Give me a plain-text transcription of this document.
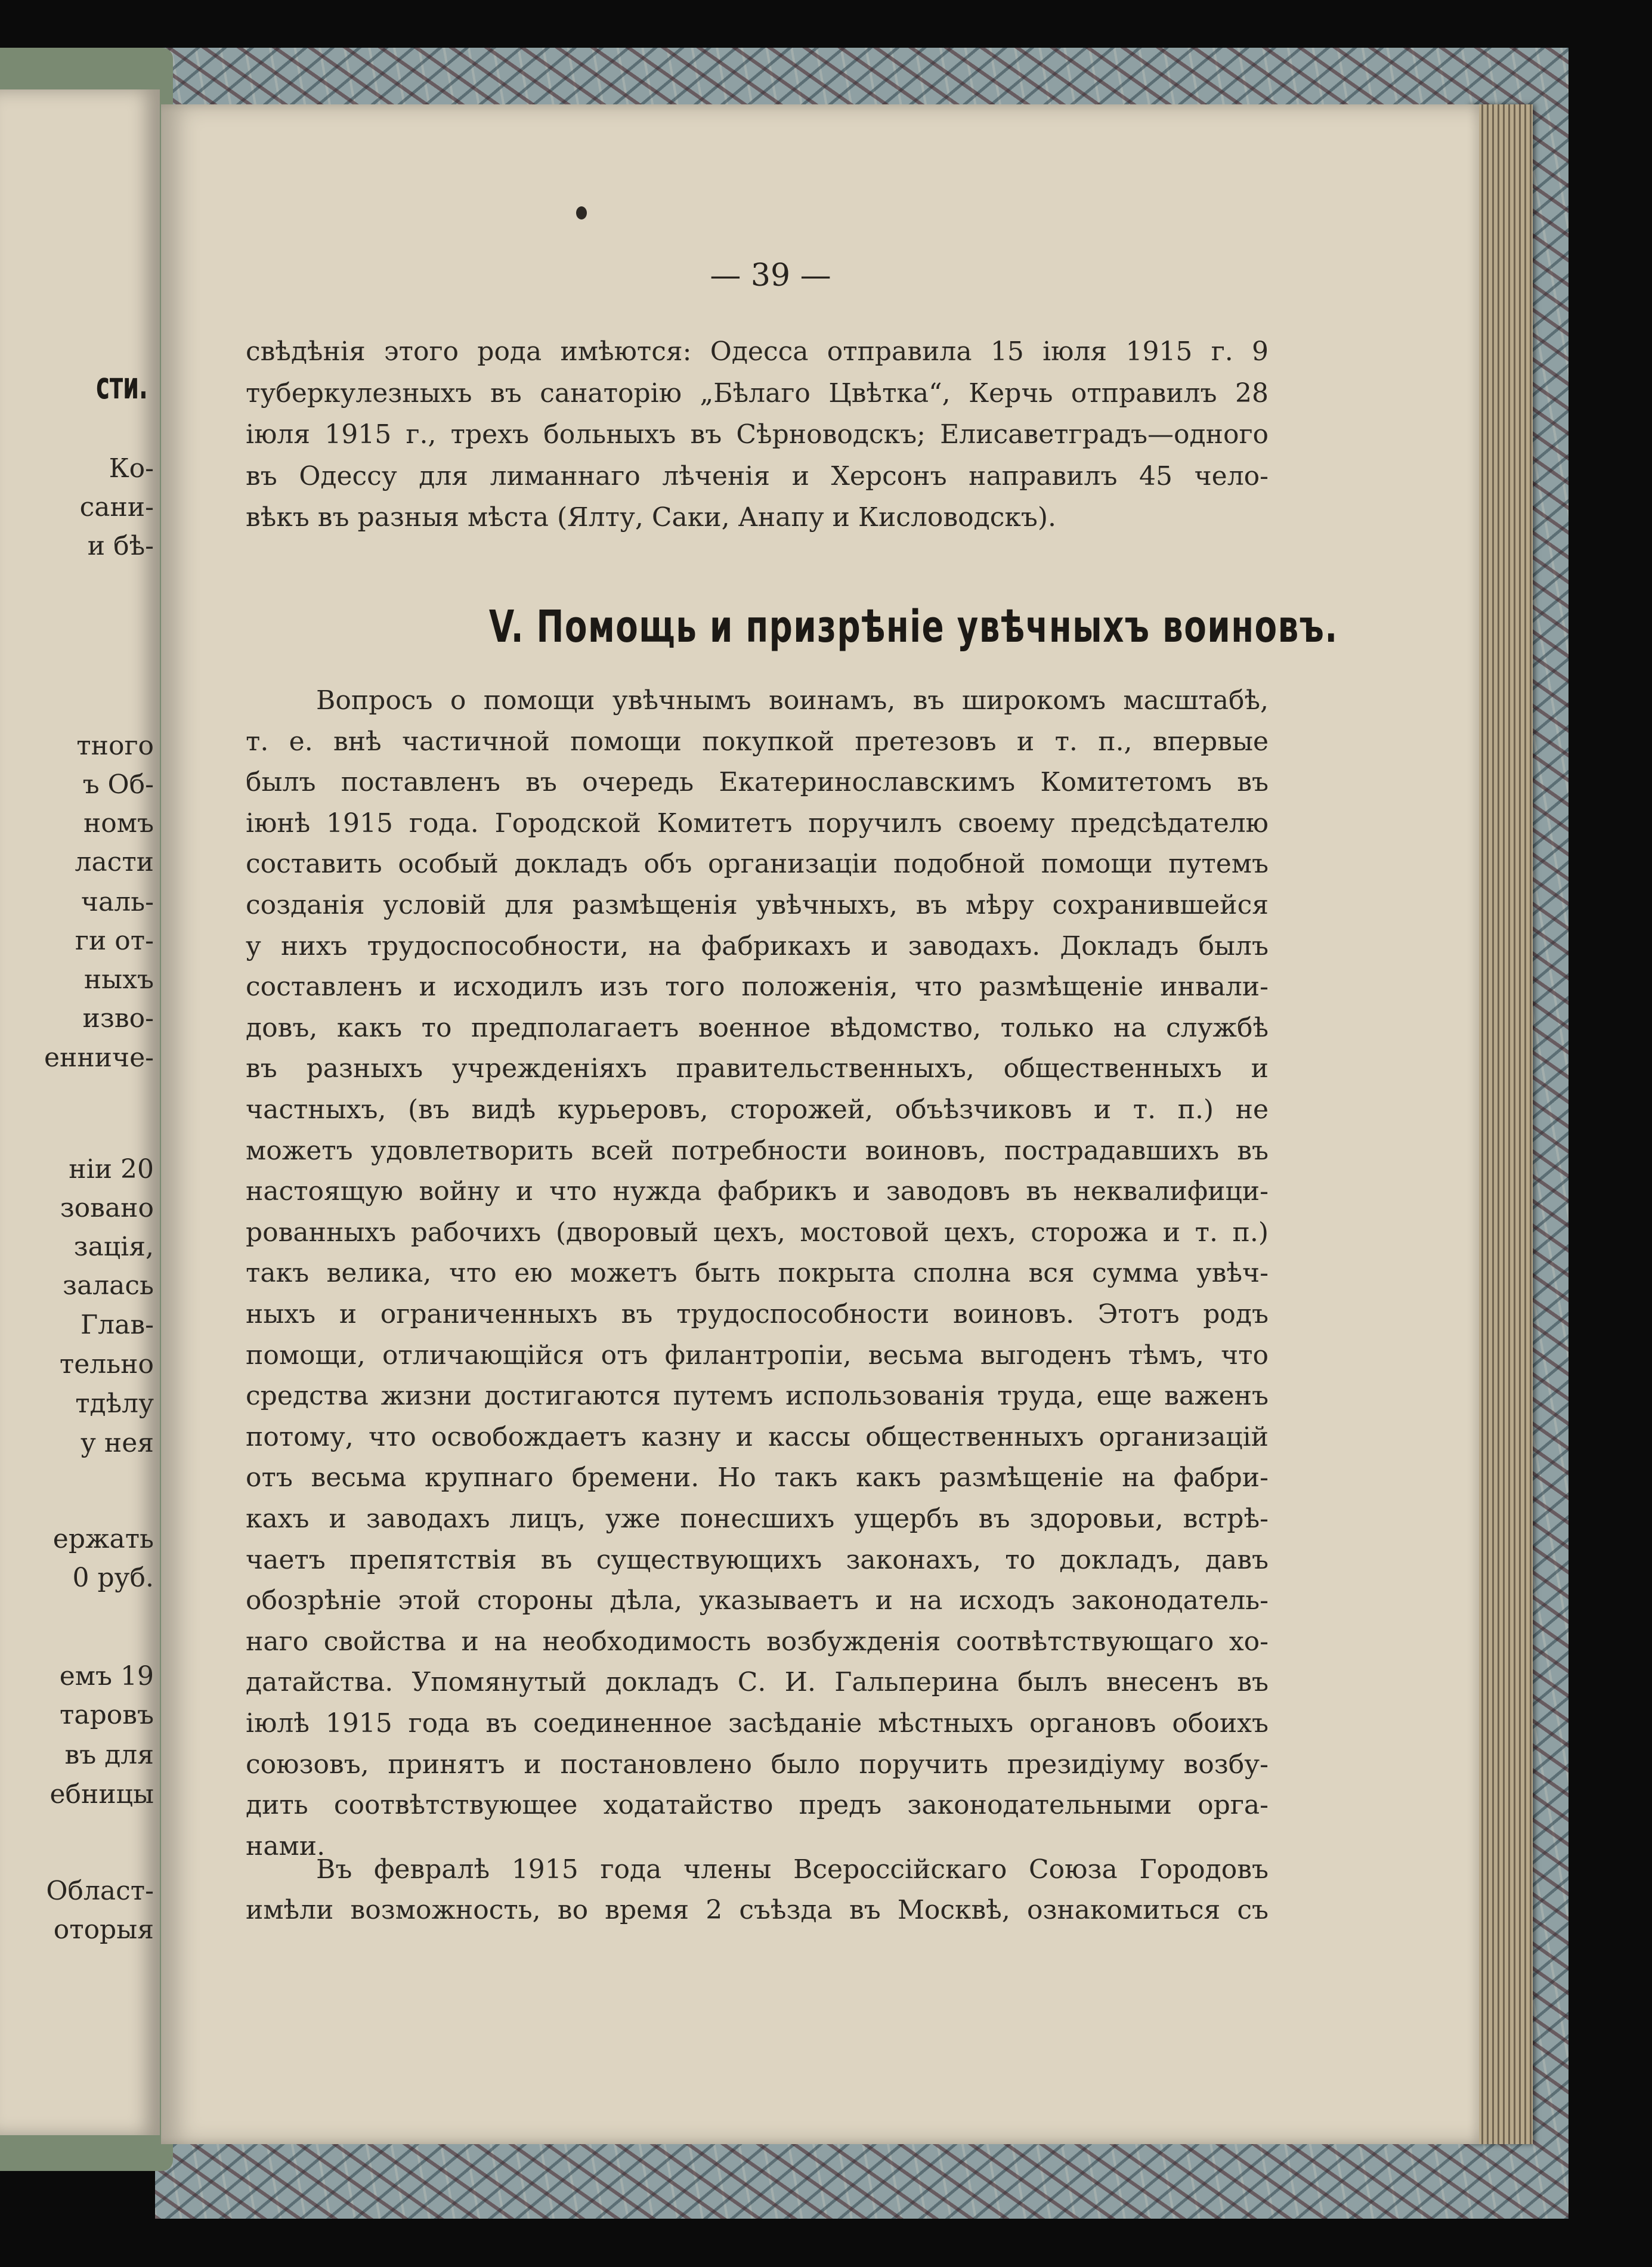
сти.
Ко-
сани-
и бѣ-
тного
ъ Об-
номъ
ласти
чаль-
ги от-
ныхъ
изво-
енниче-
ніи 20
зовано
зація,
залась
Глав-
тельно
тдѣлу
у нея
ержать
0 руб.
емъ 19
таровъ
въ для
ебницы
Област-
оторыя
— 39 —
свѣдѣнія этого рода имѣются: Одесса отправила 15 іюля 1915 г. 9
туберкулезныхъ въ санаторію „Бѣлаго Цвѣтка“, Керчь отправилъ 28
іюля 1915 г., трехъ больныхъ въ Сѣрноводскъ; Елисаветградъ—одного
въ Одессу для лиманнаго лѣченія и Херсонъ направилъ 45 чело-
вѣкъ въ разныя мѣста (Ялту, Саки, Анапу и Кисловодскъ).
V. Помощь и призрѣніе увѣчныхъ воиновъ.
Вопросъ о помощи увѣчнымъ воинамъ, въ широкомъ масштабѣ,
т. е. внѣ частичной помощи покупкой претезовъ и т. п., впервые
былъ поставленъ въ очередь Екатеринославскимъ Комитетомъ въ
іюнѣ 1915 года. Городской Комитетъ поручилъ своему предсѣдателю
составить особый докладъ объ организаціи подобной помощи путемъ
созданія условій для размѣщенія увѣчныхъ, въ мѣру сохранившейся
у нихъ трудоспособности, на фабрикахъ и заводахъ. Докладъ былъ
составленъ и исходилъ изъ того положенія, что размѣщеніе инвали-
довъ, какъ то предполагаетъ военное вѣдомство, только на службѣ
въ разныхъ учрежденіяхъ правительственныхъ, общественныхъ и
частныхъ, (въ видѣ курьеровъ, сторожей, объѣзчиковъ и т. п.) не
можетъ удовлетворить всей потребности воиновъ, пострадавшихъ въ
настоящую войну и что нужда фабрикъ и заводовъ въ неквалифици-
рованныхъ рабочихъ (дворовый цехъ, мостовой цехъ, сторожа и т. п.)
такъ велика, что ею можетъ быть покрыта сполна вся сумма увѣч-
ныхъ и ограниченныхъ въ трудоспособности воиновъ. Этотъ родъ
помощи, отличающійся отъ филантропіи, весьма выгоденъ тѣмъ, что
средства жизни достигаются путемъ использованія труда, еще важенъ
потому, что освобождаетъ казну и кассы общественныхъ организацій
отъ весьма крупнаго бремени. Но такъ какъ размѣщеніе на фабри-
кахъ и заводахъ лицъ, уже понесшихъ ущербъ въ здоровьи, встрѣ-
чаетъ препятствія въ существующихъ законахъ, то докладъ, давъ
обозрѣніе этой стороны дѣла, указываетъ и на исходъ законодатель-
наго свойства и на необходимость возбужденія соотвѣтствующаго хо-
датайства. Упомянутый докладъ С. И. Гальперина былъ внесенъ въ
іюлѣ 1915 года въ соединенное засѣданіе мѣстныхъ органовъ обоихъ
союзовъ, принятъ и постановлено было поручить президіуму возбу-
дить соотвѣтствующее ходатайство предъ законодательными орга-
нами.
Въ февралѣ 1915 года члены Всероссійскаго Союза Городовъ
имѣли возможность, во время 2 съѣзда въ Москвѣ, ознакомиться съ
